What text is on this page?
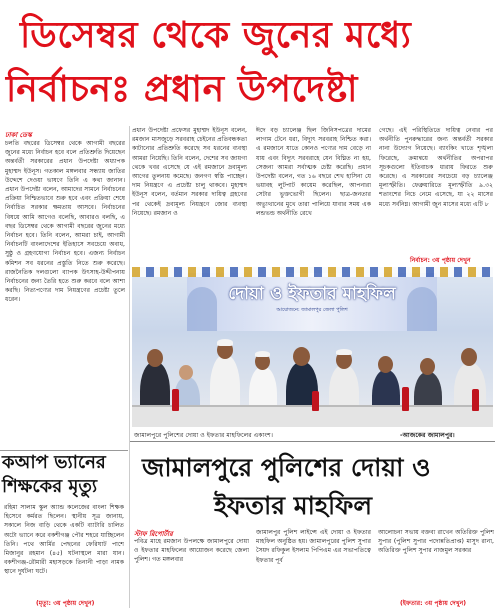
ডিসেম্বর থেকে জুনের মধ্যে
নির্বাচনঃ প্রধান উপদেষ্টা
ঢাকা ডেস্ক

চলতি বছরের ডিসেম্বর থেকে আগামী বছরের জুনের মধ্যে নির্বাচন হবে বলে প্রতিশ্রুতি দিয়েছেন অন্তর্বর্তী সরকারের প্রধান উপদেষ্টা অধ্যাপক মুহাম্মদ ইউনূস। গতকাল মঙ্গলবার সন্ধ্যায় জাতির উদ্দেশে দেওয়া ভাষণে তিনি এ কথা জানান। প্রধান উপদেষ্টা বলেন, আমাদের সামনে নির্বাচনের প্রক্রিয়া নিশ্চিতভাবে শুরু হবে এবং প্রক্রিয়া শেষে নির্বাচিত সরকার ক্ষমতায় আসবে। নির্বাচনের বিষয়ে আমি আগেও বলেছি, আবারও বলছি, এ বছর ডিসেম্বর থেকে আগামী বছরের জুনের মধ্যে নির্বাচন হবে। তিনি বলেন, আমরা চাই, আগামী নির্বাচনটি বাংলাদেশের ইতিহাসে সবচেয়ে অবাধ, সুষ্ঠু ও গ্রহণযোগ্য নির্বাচন হবে। এজন্য নির্বাচন কমিশন সব ধরনের প্রস্তুতি নিতে শুরু করেছে। রাজনৈতিক দলগুলো ব্যাপক উৎসাহ-উদ্দীপনায় নির্বাচনের জন্য তৈরি হতে শুরু করবে বলে আশা করছি। নিত্যপণ্যের দাম নিয়ন্ত্রণের প্রচেষ্টা তুলে ধরেন।

প্রধান উপদেষ্টা প্রফেসর মুহাম্মদ ইউনূস বলেন, রমজান মাসজুড়ে সরবরাহ চেইনের প্রতিবন্ধকতা কাটানোর প্রতিশ্রুতি করেছে সব ধরনের ব্যবস্থা আমরা নিয়েছি। তিনি বলেন, দেশের সব জায়গা থেকে খবর এসেছে যে এই রমজানে দ্রব্যমূল্য আগের তুলনায় কমেছে। জনগণ স্বস্তি পাচ্ছেন। দাম নিয়ন্ত্রণে এ প্রচেষ্টা চালু থাকবে। মুহাম্মদ ইউনূস বলেন, বর্তমান সরকার দায়িত্ব গ্রহণের পর থেকেই দ্রব্যমূল্য নিয়ন্ত্রণে জোর ব্যবস্থা নিয়েছে। রমজান ও

ঈদে বড় চ্যালেঞ্জ ছিল জিনিসপত্রের দামের লাগাম টেনে ধরা, বিদ্যুৎ সরবরাহ নিশ্চিত করা। এ রমজানে যাতে কোনও পণ্যের দাম বেড়ে না যায় এবং বিদ্যুৎ সরবরাহে যেন বিঘ্নিত না হয়, সেজন্য আমরা সর্বাত্মক চেষ্টা করেছি। প্রধান উপদেষ্টা বলেন, গত ১৬ বছরে শেখ হাসিনা যে ভয়াবহ লুটপাট কায়েম করেছিল, আপনারা সেটার ভুক্তভোগী ছিলেন। ছাত্র-জনতার অভ্যুত্থানের মুখে তারা পালিয়ে যাবার সময় এক লন্ডভন্ড অর্থনীতি রেখে

গেছে। এই পরিস্থিতিতে দায়িত্ব নেবার পর অর্থনীতি পুনরুদ্ধারের জন্য অন্তর্বর্তী সরকার নানা উদ্যোগ নিয়েছে। ব্যাংকিং খাতে শৃঙ্খলা ফিরেছে, ক্রমান্বয়ে অর্থনীতির অপরাপর সূচকগুলো ইতিবাচক ধারায় ফিরতে শুরু করেছে। এ সরকারের সবচেয়ে বড় চ্যালেঞ্জ মূল্যস্ফীতি। ফেব্রুয়ারিতে মূল্যস্ফীতি ৯.৩২ শতাংশের নিচে নেমে এসেছে, যা ২২ মাসের মধ্যে সর্বনিম্ন। আগামী জুন মাসের মধ্যে এটি ৮

নির্বাচন: ৩য় পৃষ্ঠায় দেখুন
দোয়া ও ইফতার মাহফিল
আয়োজনে: জামালপুর জেলা পুলিশ
জামালপুরে পুলিশের দোয়া ও ইফতার মাহফিলের একাংশ।	-আজকের জামালপুর।
কআপ ভ্যানের
শিক্ষকের মৃত্যু

রহিমা সালাম স্কুল অ্যান্ড কলেজের বাংলা শিক্ষক হিসেবে কর্মরত ছিলেন। স্থানীয় সূত্র জানায়, সকালে নিজ বাড়ি থেকে একটি ব্যাটারি চালিত অটো ভ্যানে করে বকশীগঞ্জ পৌর শহরে যাচ্ছিলেন তিনি। পথে আর্মির পেছনের ফেরিঘাট পাশে মিজানুর রহমান (৪৫) ঘটনাস্থলে মারা যান। বকশীগঞ্জ-রৌমারী মহাসড়কে তিনানী পাড়া নামক স্থানে দুর্ঘটনা ঘটে।

(মৃত্যু: ৩য় পৃষ্ঠায় দেখুন)
জামালপুরে পুলিশের দোয়া ও
ইফতার মাহফিল
স্টাফ রিপোর্টার

পবিত্র মাহে রমজান উপলক্ষে জামালপুরে দোয়া ও ইফতার মাহফিলের আয়োজন করেছে জেলা পুলিশ। গত মঙ্গলবার

জামালপুর পুলিশ লাইন্সে এই দোয়া ও ইফতার মাহফিল অনুষ্ঠিত হয়। জামালপুরের পুলিশ সুপার সৈয়দ রফিকুল ইসলাম পিপিএম এর সভাপতিত্বে ইফতার পূর্ব

আলোচনা সভায় বক্তব্য রাখেন অতিরিক্ত পুলিশ সুপার (পুলিশ সুপার পদোন্নতিপ্রাপ্ত) মাসুদ রানা, অতিরিক্ত পুলিশ সুপার নাজমুল সরকার

(ইফতার: ৩য় পৃষ্ঠায় দেখুন)
